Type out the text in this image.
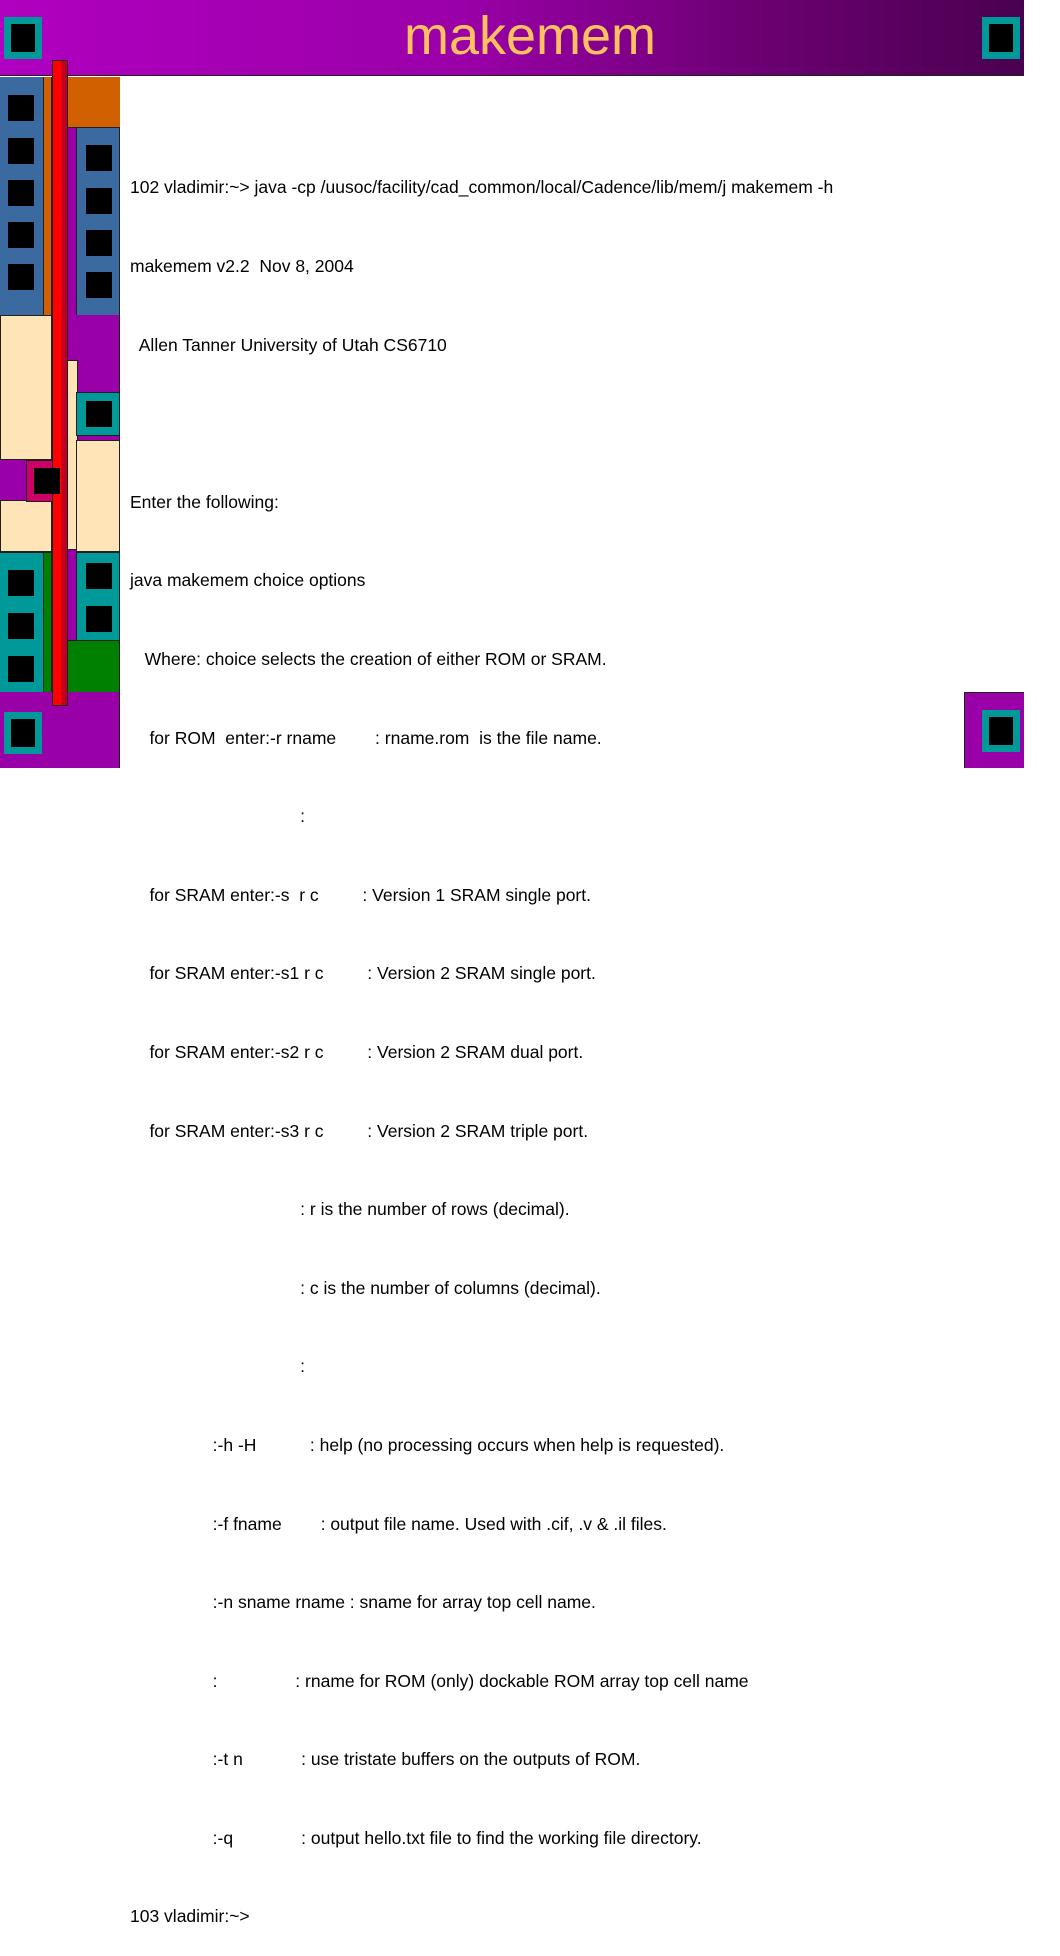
makemem

102 vladimir:~> java -cp /uusoc/facility/cad_common/local/Cadence/lib/mem/j makemem -h

makemem v2.2  Nov 8, 2004

Allen Tanner University of Utah CS6710

Enter the following:

java makemem choice options

Where: choice selects the creation of either ROM or SRAM.

for ROM  enter:-r rname        : rname.rom  is the file name.

:

for SRAM enter:-s  r c         : Version 1 SRAM single port.

for SRAM enter:-s1 r c         : Version 2 SRAM single port.

for SRAM enter:-s2 r c         : Version 2 SRAM dual port.

for SRAM enter:-s3 r c         : Version 2 SRAM triple port.

: r is the number of rows (decimal).

: c is the number of columns (decimal).

:

:-h -H           : help (no processing occurs when help is requested).

:-f fname        : output file name. Used with .cif, .v & .il files.

:-n sname rname : sname for array top cell name.

:                : rname for ROM (only) dockable ROM array top cell name

:-t n            : use tristate buffers on the outputs of ROM.

:-q              : output hello.txt file to find the working file directory.

103 vladimir:~>
